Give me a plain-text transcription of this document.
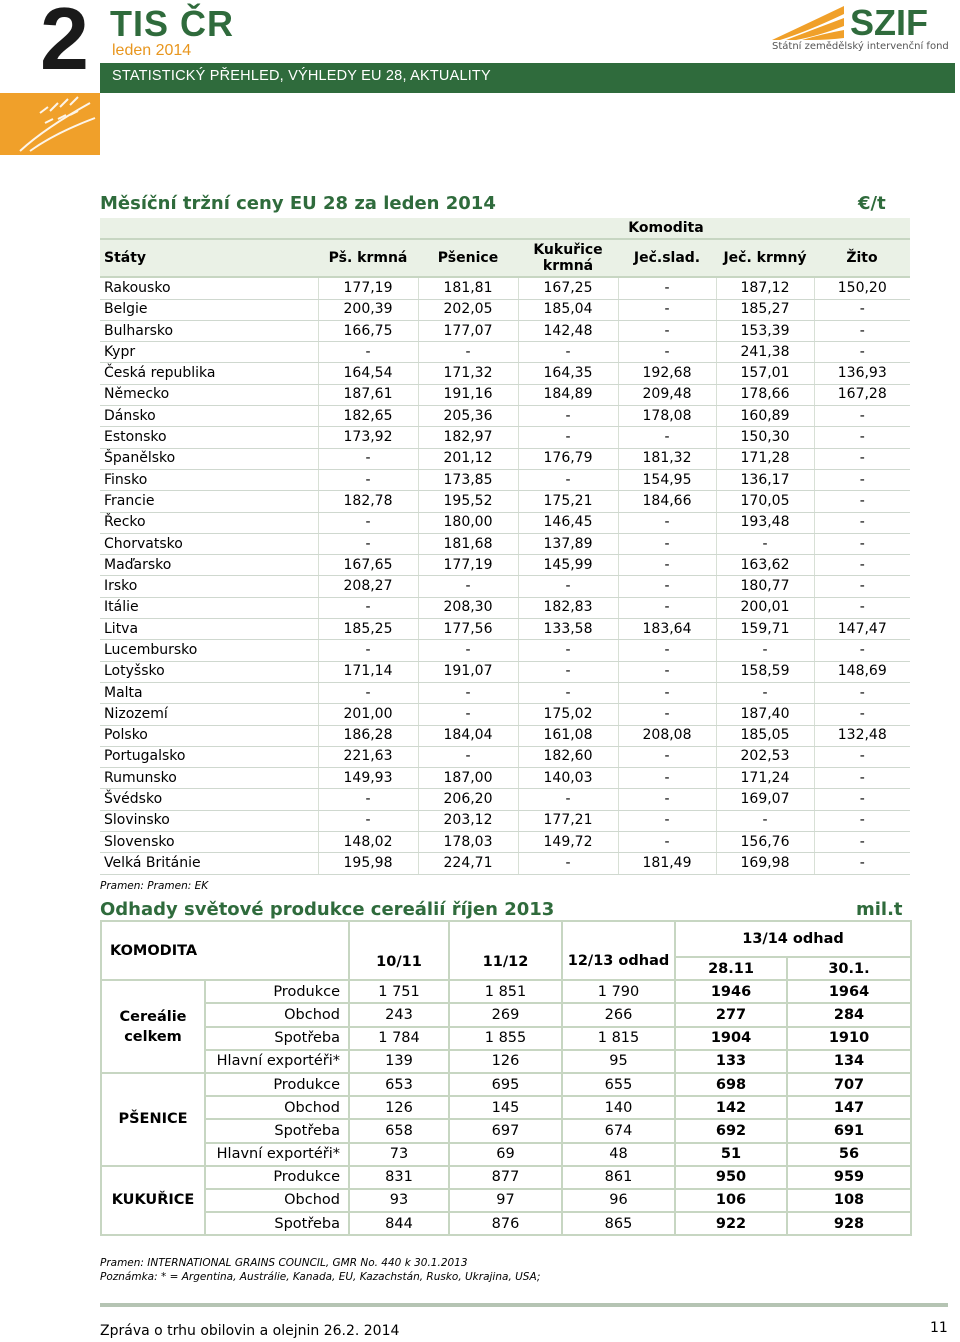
2 TIS ČR
leden 2014
STATISTICKÝ PŘEHLED, VÝHLEDY EU 28, AKTUALITY
SZIF
Státní zemědělský intervenční fond
Měsíční tržní ceny EU 28 za leden 2014	€/t
			Komodita			
Státy	Pš. krmná	Pšenice	Kukuřice krmná	Ječ.slad.	Ječ. krmný	Žito
Rakousko	177,19	181,81	167,25	-	187,12	150,20
Belgie	200,39	202,05	185,04	-	185,27	-
Bulharsko	166,75	177,07	142,48	-	153,39	-
Kypr	-	-	-	-	241,38	-
Česká republika	164,54	171,32	164,35	192,68	157,01	136,93
Německo	187,61	191,16	184,89	209,48	178,66	167,28
Dánsko	182,65	205,36	-	178,08	160,89	-
Estonsko	173,92	182,97	-	-	150,30	-
Španělsko	-	201,12	176,79	181,32	171,28	-
Finsko	-	173,85	-	154,95	136,17	-
Francie	182,78	195,52	175,21	184,66	170,05	-
Řecko	-	180,00	146,45	-	193,48	-
Chorvatsko	-	181,68	137,89	-	-	-
Maďarsko	167,65	177,19	145,99	-	163,62	-
Irsko	208,27	-	-	-	180,77	-
Itálie	-	208,30	182,83	-	200,01	-
Litva	185,25	177,56	133,58	183,64	159,71	147,47
Lucembursko	-	-	-	-	-	-
Lotyšsko	171,14	191,07	-	-	158,59	148,69
Malta	-	-	-	-	-	-
Nizozemí	201,00	-	175,02	-	187,40	-
Polsko	186,28	184,04	161,08	208,08	185,05	132,48
Portugalsko	221,63	-	182,60	-	202,53	-
Rumunsko	149,93	187,00	140,03	-	171,24	-
Švédsko	-	206,20	-	-	169,07	-
Slovinsko	-	203,12	177,21	-	-	-
Slovensko	148,02	178,03	149,72	-	156,76	-
Velká Británie	195,98	224,71	-	181,49	169,98	-
Pramen: Pramen: EK
Odhady světové produkce cereálií říjen 2013	mil.t
KOMODITA		10/11	11/12	12/13 odhad	13/14 odhad	
					28.11	30.1.
Cereálie celkem	Produkce	1 751	1 851	1 790	1946	1964
	Obchod	243	269	266	277	284
	Spotřeba	1 784	1 855	1 815	1904	1910
	Hlavní exportéři*	139	126	95	133	134
PŠENICE	Produkce	653	695	655	698	707
	Obchod	126	145	140	142	147
	Spotřeba	658	697	674	692	691
	Hlavní exportéři*	73	69	48	51	56
KUKUŘICE	Produkce	831	877	861	950	959
	Obchod	93	97	96	106	108
	Spotřeba	844	876	865	922	928
Pramen: INTERNATIONAL GRAINS COUNCIL, GMR No. 440 k 30.1.2013
Poznámka: * = Argentina, Austrálie, Kanada, EU, Kazachstán, Rusko, Ukrajina, USA;
Zpráva o trhu obilovin a olejnin 26.2. 2014	11
